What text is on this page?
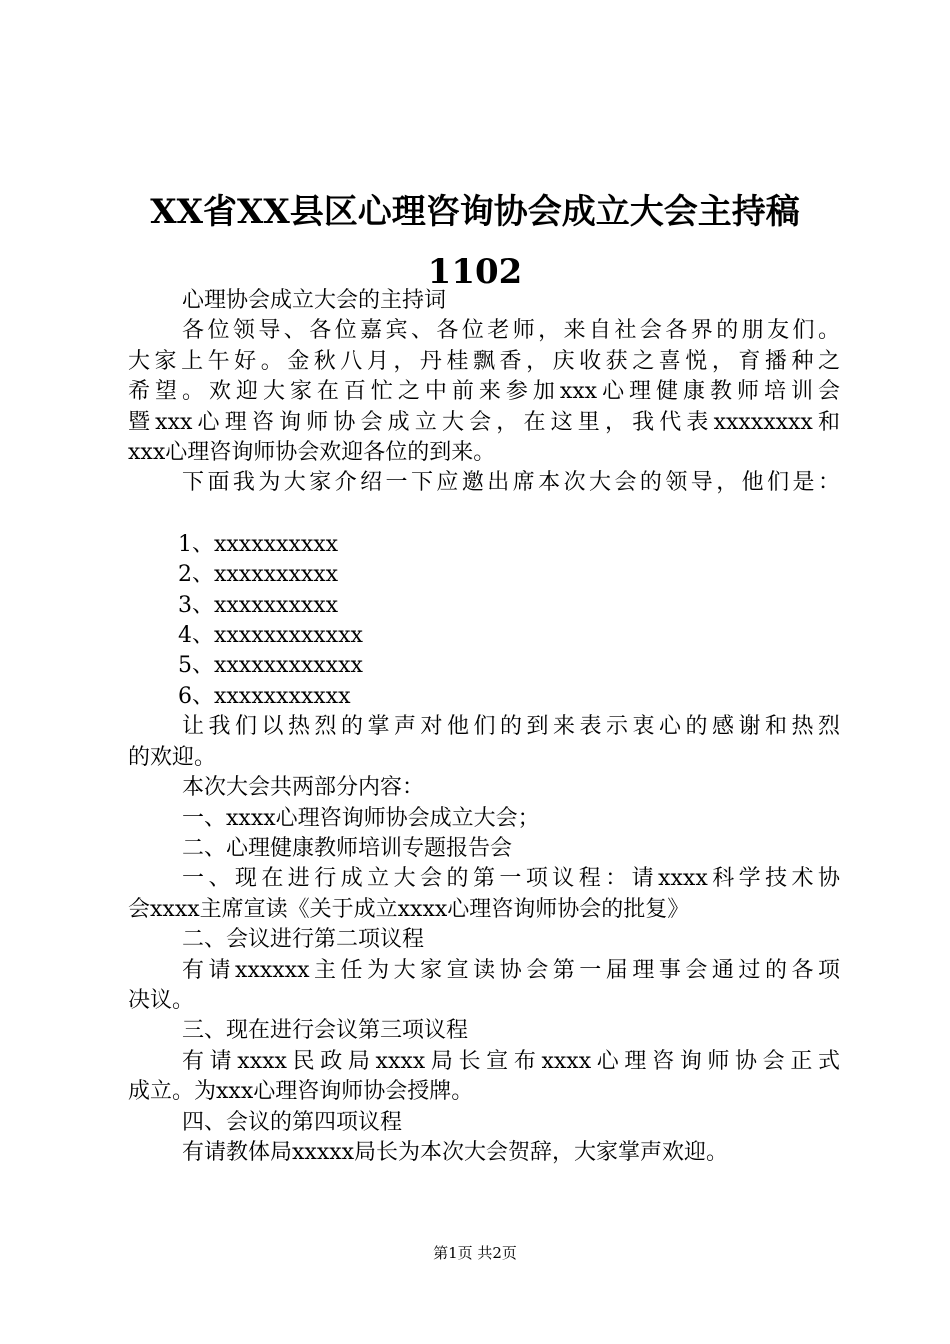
XX省XX县区心理咨询协会成立大会主持稿
1102

心理协会成立大会的主持词

各位领导、各位嘉宾、各位老师，来自社会各界的朋友们。

大家上午好。金秋八月，丹桂飘香，庆收获之喜悦，育播种之

希望。欢迎大家在百忙之中前来参加xxx心理健康教师培训会

暨xxx心理咨询师协会成立大会，在这里，我代表xxxxxxxx和

xxx心理咨询师协会欢迎各位的到来。

下面我为大家介绍一下应邀出席本次大会的领导，他们是：

1、xxxxxxxxxx

2、xxxxxxxxxx

3、xxxxxxxxxx

4、xxxxxxxxxxxx

5、xxxxxxxxxxxx

6、xxxxxxxxxxx

让我们以热烈的掌声对他们的到来表示衷心的感谢和热烈

的欢迎。

本次大会共两部分内容：

一、xxxx心理咨询师协会成立大会；

二、心理健康教师培训专题报告会

一、现在进行成立大会的第一项议程：请xxxx科学技术协

会xxxx主席宣读《关于成立xxxx心理咨询师协会的批复》

二、会议进行第二项议程

有请xxxxxx主任为大家宣读协会第一届理事会通过的各项

决议。

三、现在进行会议第三项议程

有请xxxx民政局xxxx局长宣布xxxx心理咨询师协会正式

成立。为xxx心理咨询师协会授牌。

四、会议的第四项议程

有请教体局xxxxx局长为本次大会贺辞，大家掌声欢迎。

第1页 共2页
